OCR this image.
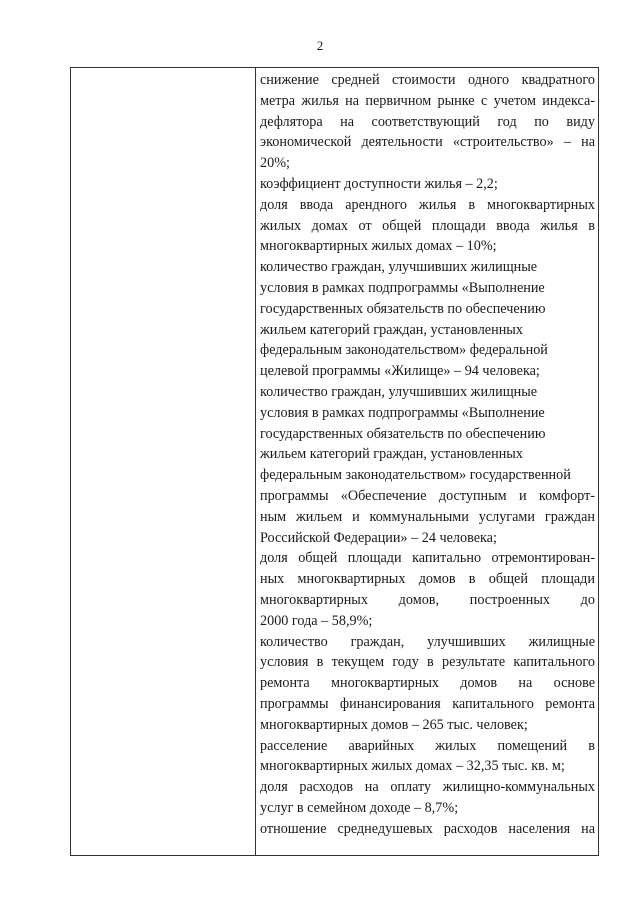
2
снижение средней стоимости одного квадратного
метра жилья на первичном рынке с учетом индекса-
дефлятора на соответствующий год по виду
экономической деятельности «строительство» – на
20%;
коэффициент доступности жилья – 2,2;
доля ввода арендного жилья в многоквартирных
жилых домах от общей площади ввода жилья в
многоквартирных жилых домах – 10%;
количество граждан, улучшивших жилищные
условия в рамках подпрограммы «Выполнение
государственных обязательств по обеспечению
жильем категорий граждан, установленных
федеральным законодательством» федеральной
целевой программы «Жилище» – 94 человека;
количество граждан, улучшивших жилищные
условия в рамках подпрограммы «Выполнение
государственных обязательств по обеспечению
жильем категорий граждан, установленных
федеральным законодательством» государственной
программы «Обеспечение доступным и комфорт-
ным жильем и коммунальными услугами граждан
Российской Федерации» – 24 человека;
доля общей площади капитально отремонтирован-
ных многоквартирных домов в общей площади
многоквартирных домов, построенных до
2000 года – 58,9%;
количество граждан, улучшивших жилищные
условия в текущем году в результате капитального
ремонта многоквартирных домов на основе
программы финансирования капитального ремонта
многоквартирных домов – 265 тыс. человек;
расселение аварийных жилых помещений в
многоквартирных жилых домах – 32,35 тыс. кв. м;
доля расходов на оплату жилищно-коммунальных
услуг в семейном доходе – 8,7%;
отношение среднедушевых расходов населения на
